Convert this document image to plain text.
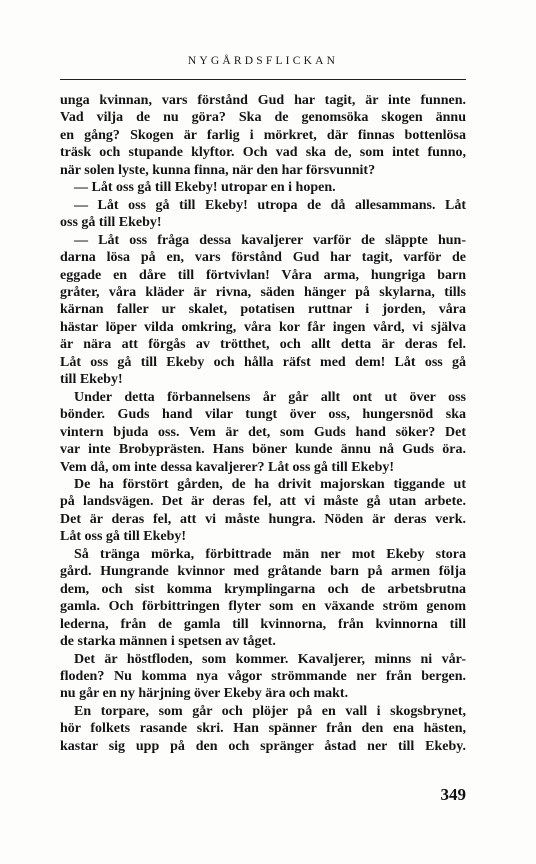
NYGÅRDSFLICKAN
unga kvinnan, vars förstånd Gud har tagit, är inte funnen.
Vad vilja de nu göra? Ska de genomsöka skogen ännu
en gång? Skogen är farlig i mörkret, där finnas bottenlösa
träsk och stupande klyftor. Och vad ska de, som intet funno,
när solen lyste, kunna finna, när den har försvunnit?
— Låt oss gå till Ekeby! utropar en i hopen.
— Låt oss gå till Ekeby! utropa de då allesammans. Låt
oss gå till Ekeby!
— Låt oss fråga dessa kavaljerer varför de släppte hun-
darna lösa på en, vars förstånd Gud har tagit, varför de
eggade en dåre till förtvivlan! Våra arma, hungriga barn
gråter, våra kläder är rivna, säden hänger på skylarna, tills
kärnan faller ur skalet, potatisen ruttnar i jorden, våra
hästar löper vilda omkring, våra kor får ingen vård, vi själva
är nära att förgås av trötthet, och allt detta är deras fel.
Låt oss gå till Ekeby och hålla räfst med dem! Låt oss gå
till Ekeby!
Under detta förbannelsens år går allt ont ut över oss
bönder. Guds hand vilar tungt över oss, hungersnöd ska
vintern bjuda oss. Vem är det, som Guds hand söker? Det
var inte Brobyprästen. Hans böner kunde ännu nå Guds öra.
Vem då, om inte dessa kavaljerer? Låt oss gå till Ekeby!
De ha förstört gården, de ha drivit majorskan tiggande ut
på landsvägen. Det är deras fel, att vi måste gå utan arbete.
Det är deras fel, att vi måste hungra. Nöden är deras verk.
Låt oss gå till Ekeby!
Så tränga mörka, förbittrade män ner mot Ekeby stora
gård. Hungrande kvinnor med gråtande barn på armen följa
dem, och sist komma krymplingarna och de arbetsbrutna
gamla. Och förbittringen flyter som en växande ström genom
lederna, från de gamla till kvinnorna, från kvinnorna till
de starka männen i spetsen av tåget.
Det är höstfloden, som kommer. Kavaljerer, minns ni vår-
floden? Nu komma nya vågor strömmande ner från bergen.
nu går en ny härjning över Ekeby ära och makt.
En torpare, som går och plöjer på en vall i skogsbrynet,
hör folkets rasande skri. Han spänner från den ena hästen,
kastar sig upp på den och spränger åstad ner till Ekeby.
349
